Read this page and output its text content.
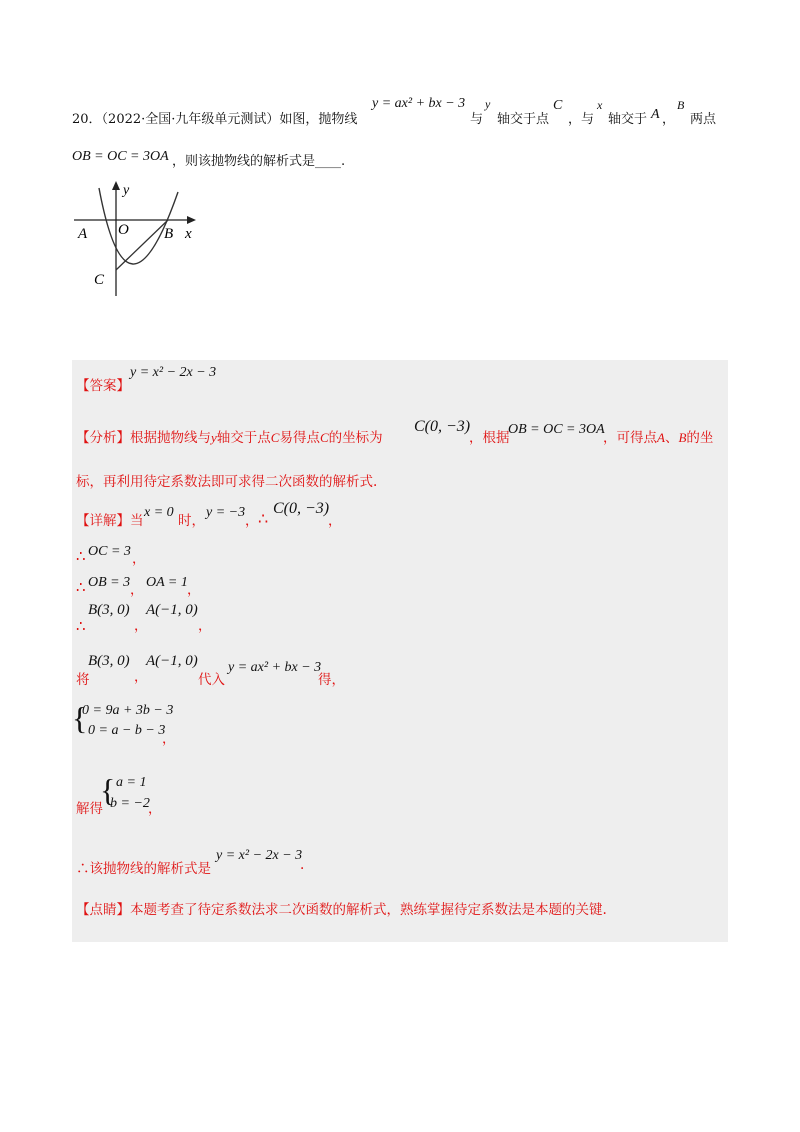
20．（2022·全国·九年级单元测试）如图，抛物线
y = ax² + bx − 3
与
y
轴交于点
C
，与
x
轴交于 A ，
B
两点
OB = OC = 3OA ，则该抛物线的解析式是____.
y
x
A O B
C
【答案】
y = x² − 2x − 3
【分析】根据抛物线与y轴交于点C易得点C的坐标为
C(0, −3)
，根据
OB = OC = 3OA
，可得点A、B的坐
标，再利用待定系数法即可求得二次函数的解析式.
【详解】当
x = 0
时，
y = −3
， ∴
C(0, −3)
，
∴ OC = 3 ，
∴ OB = 3 ， OA = 1 ，
∴
B(3, 0)
，
A(−1, 0)
，
将
B(3, 0)
，
A(−1, 0)
代入
y = ax² + bx − 3
得，
{
0 = 9a + 3b − 3
0 = a − b − 3
，
解得
{ a = 1
b = −2
，
∴该抛物线的解析式是
y = x² − 2x − 3
.
【点睛】本题考查了待定系数法求二次函数的解析式，熟练掌握待定系数法是本题的关键.
